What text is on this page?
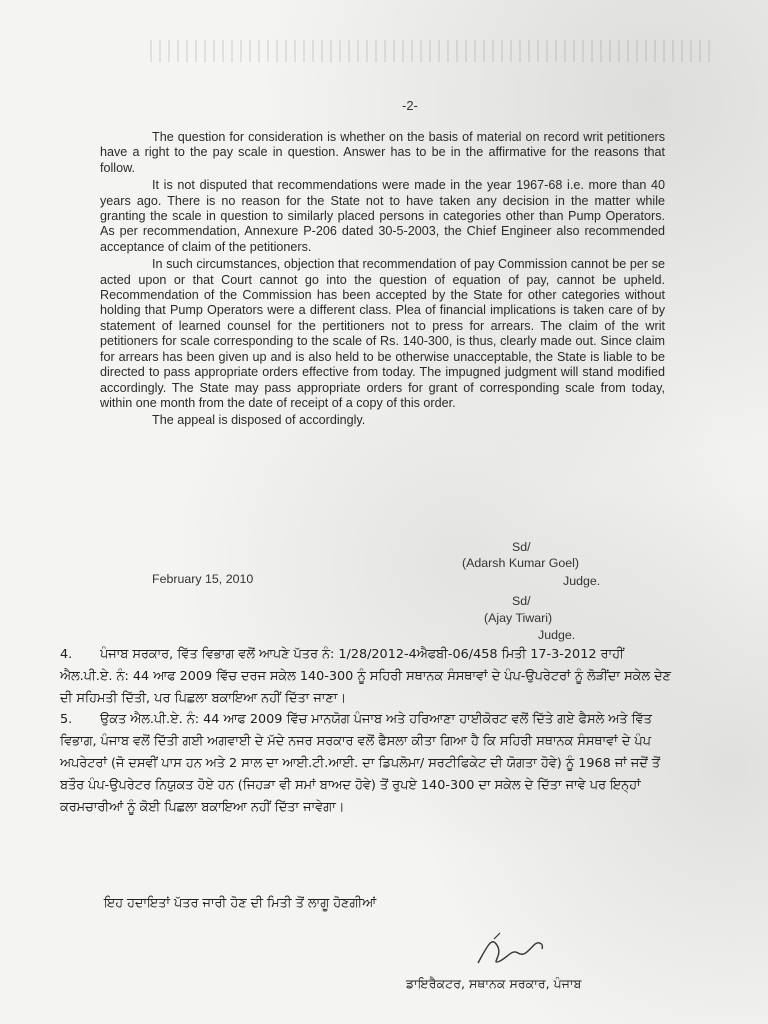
-2-

The question for consideration is whether on the basis of material on record writ petitioners have a right to the pay scale in question. Answer has to be in the affirmative for the reasons that follow.

It is not disputed that recommendations were made in the year 1967-68 i.e. more than 40 years ago. There is no reason for the State not to have taken any decision in the matter while granting the scale in question to similarly placed persons in categories other than Pump Operators. As per recommendation, Annexure P-206 dated 30-5-2003, the Chief Engineer also recommended acceptance of claim of the petitioners.

In such circumstances, objection that recommendation of pay Commission cannot be per se acted upon or that Court cannot go into the question of equation of pay, cannot be upheld. Recommendation of the Commission has been accepted by the State for other categories without holding that Pump Operators were a different class. Plea of financial implications is taken care of by statement of learned counsel for the pertitioners not to press for arrears. The claim of the writ petitioners for scale corresponding to the scale of Rs. 140-300, is thus, clearly made out. Since claim for arrears has been given up and is also held to be otherwise unacceptable, the State is liable to be directed to pass appropriate orders effective from today. The impugned judgment will stand modified accordingly. The State may pass appropriate orders for grant of corresponding scale from today, within one month from the date of receipt of a copy of this order.

The appeal is disposed of accordingly.

Sd/
(Adarsh Kumar Goel)
Judge.
February 15, 2010
Sd/
(Ajay Tiwari)
Judge.

4. ਪੰਜਾਬ ਸਰਕਾਰ, ਵਿੱਤ ਵਿਭਾਗ ਵਲੋਂ ਆਪਣੇ ਪੱਤਰ ਨੰ: 1/28/2012-4ਐਫਬੀ-06/458 ਮਿਤੀ 17-3-2012 ਰਾਹੀਂ ਐਲ.ਪੀ.ਏ. ਨੰ: 44 ਆਫ 2009 ਵਿੱਚ ਦਰਜ ਸਕੇਲ 140-300 ਨੂੰ ਸਹਿਰੀ ਸਥਾਨਕ ਸੰਸਥਾਵਾਂ ਦੇ ਪੰਪ-ਉਪਰੇਟਰਾਂ ਨੂੰ ਲੋੜੀਂਦਾ ਸਕੇਲ ਦੇਣ ਦੀ ਸਹਿਮਤੀ ਦਿੱਤੀ, ਪਰ ਪਿਛਲਾ ਬਕਾਇਆ ਨਹੀਂ ਦਿੱਤਾ ਜਾਣਾ।

5. ਉਕਤ ਐਲ.ਪੀ.ਏ. ਨੰ: 44 ਆਫ 2009 ਵਿੱਚ ਮਾਨਯੋਗ ਪੰਜਾਬ ਅਤੇ ਹਰਿਆਣਾ ਹਾਈਕੋਰਟ ਵਲੋਂ ਦਿੱਤੇ ਗਏ ਫੈਸਲੇ ਅਤੇ ਵਿੱਤ ਵਿਭਾਗ, ਪੰਜਾਬ ਵਲੋਂ ਦਿੱਤੀ ਗਈ ਅਗਵਾਈ ਦੇ ਮੱਦੇ ਨਜਰ ਸਰਕਾਰ ਵਲੋਂ ਫੈਸਲਾ ਕੀਤਾ ਗਿਆ ਹੈ ਕਿ ਸਹਿਰੀ ਸਥਾਨਕ ਸੰਸਥਾਵਾਂ ਦੇ ਪੰਪ ਅਪਰੇਟਰਾਂ (ਜੋ ਦਸਵੀਂ ਪਾਸ ਹਨ ਅਤੇ 2 ਸਾਲ ਦਾ ਆਈ.ਟੀ.ਆਈ. ਦਾ ਡਿਪਲੋਮਾ/ ਸਰਟੀਫਿਕੇਟ ਦੀ ਯੋਗਤਾ ਹੋਵੇ) ਨੂੰ 1968 ਜਾਂ ਜਦੋਂ ਤੋਂ ਬਤੌਰ ਪੰਪ-ਉਪਰੇਟਰ ਨਿਯੁਕਤ ਹੋਏ ਹਨ (ਜਿਹੜਾ ਵੀ ਸਮਾਂ ਬਾਅਦ ਹੋਵੇ) ਤੋਂ ਰੁਪਏ 140-300 ਦਾ ਸਕੇਲ ਦੇ ਦਿੱਤਾ ਜਾਵੇ ਪਰ ਇਨ੍ਹਾਂ ਕਰਮਚਾਰੀਆਂ ਨੂੰ ਕੋਈ ਪਿਛਲਾ ਬਕਾਇਆ ਨਹੀਂ ਦਿੱਤਾ ਜਾਵੇਗਾ।

ਇਹ ਹਦਾਇਤਾਂ ਪੱਤਰ ਜਾਰੀ ਹੋਣ ਦੀ ਮਿਤੀ ਤੋਂ ਲਾਗੂ ਹੋਣਗੀਆਂ
ਡਾਇਰੈਕਟਰ, ਸਥਾਨਕ ਸਰਕਾਰ, ਪੰਜਾਬ
